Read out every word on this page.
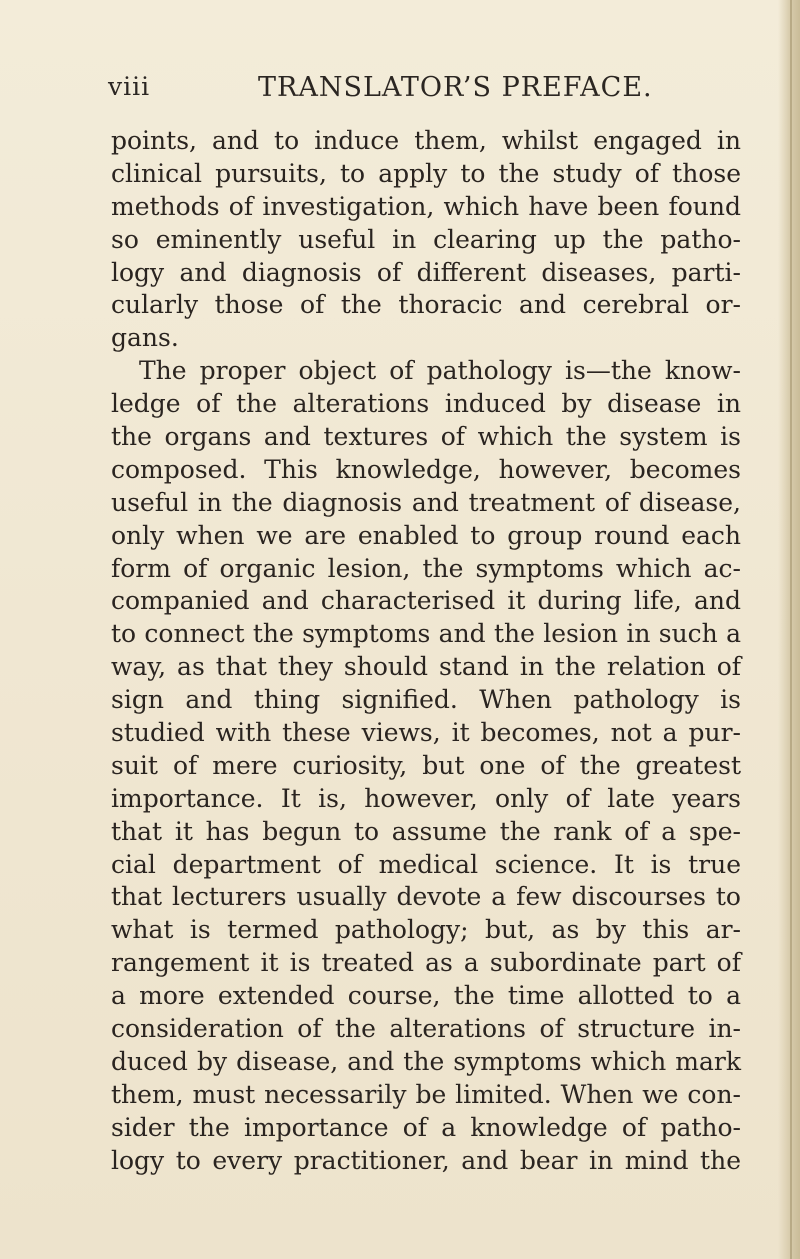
viii	TRANSLATOR’S PREFACE.
points, and to induce them, whilst engaged in
clinical pursuits, to apply to the study of those
methods of investigation, which have been found
so eminently useful in clearing up the patho-
logy and diagnosis of different diseases, parti-
cularly those of the thoracic and cerebral or-
gans.
The proper object of pathology is—the know-
ledge of the alterations induced by disease in
the organs and textures of which the system is
composed. This knowledge, however, becomes
useful in the diagnosis and treatment of disease,
only when we are enabled to group round each
form of organic lesion, the symptoms which ac-
companied and characterised it during life, and
to connect the symptoms and the lesion in such a
way, as that they should stand in the relation of
sign and thing signified. When pathology is
studied with these views, it becomes, not a pur-
suit of mere curiosity, but one of the greatest
importance. It is, however, only of late years
that it has begun to assume the rank of a spe-
cial department of medical science. It is true
that lecturers usually devote a few discourses to
what is termed pathology; but, as by this ar-
rangement it is treated as a subordinate part of
a more extended course, the time allotted to a
consideration of the alterations of structure in-
duced by disease, and the symptoms which mark
them, must necessarily be limited. When we con-
sider the importance of a knowledge of patho-
logy to every practitioner, and bear in mind the
